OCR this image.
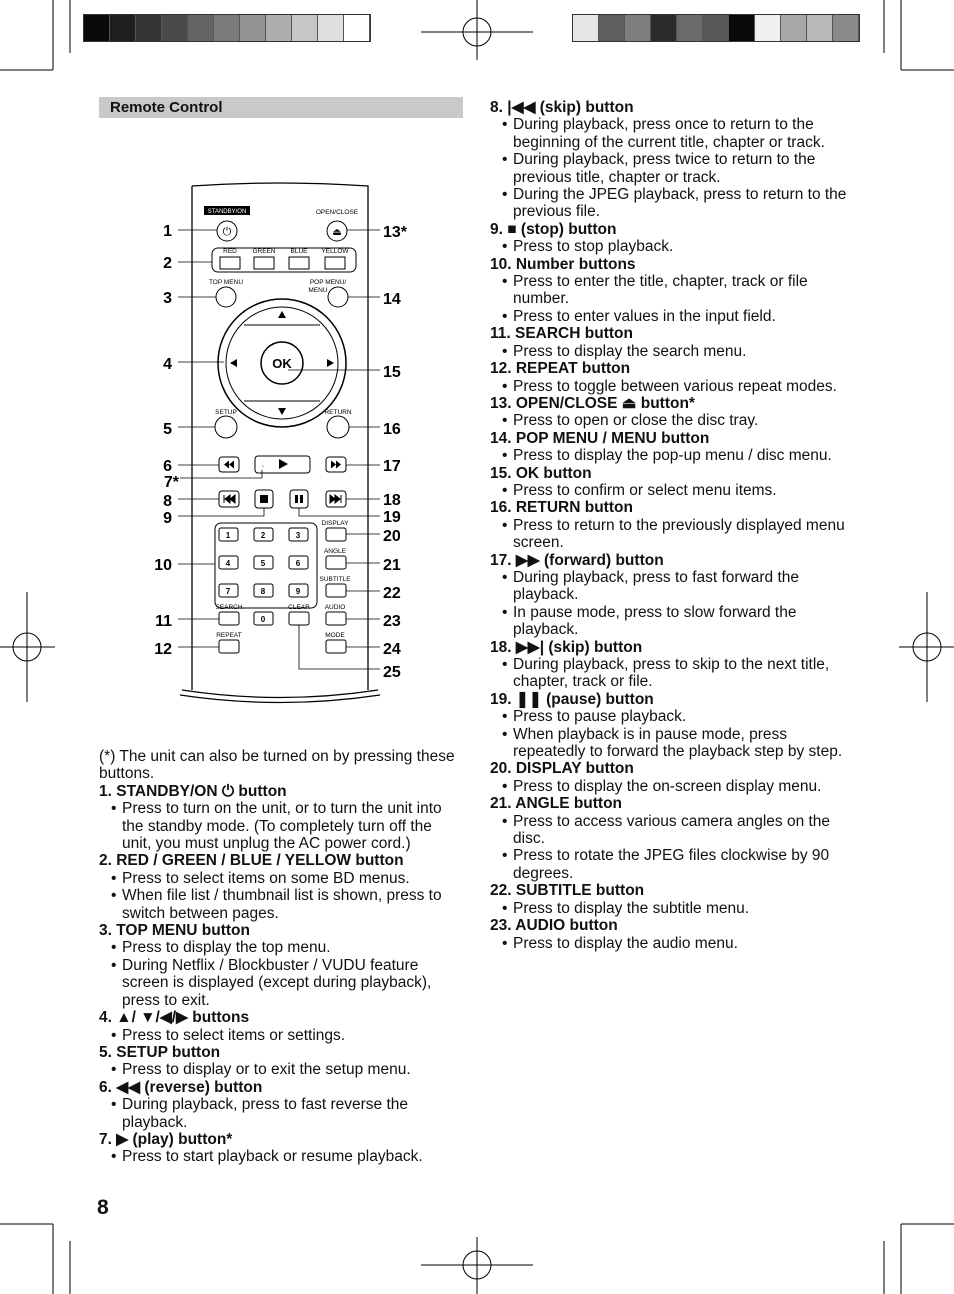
Remote Control
STANDBY/ON
⏻
OPEN/CLOSE
⏏
RED GREEN BLUE YELLOW
TOP MENU	POP MENU/
MENU
OK
SETUP	RETURN
◦
1	2	3
4	5	6
7	8	9
0
DISPLAY
ANGLE
SUBTITLE
SEARCH	CLEAR AUDIO
REPEAT	MODE
1
2
3
4
5
6
7*
8
9
10
11
12
13*
14
15
16
17
18
19
20
21
22
23
24
25

(*) The unit can also be turned on by pressing these buttons.

1. STANDBY/ON ⏻ button

• Press to turn on the unit, or to turn the unit into the standby mode. (To completely turn off the unit, you must unplug the AC power cord.)

2. RED / GREEN / BLUE / YELLOW button

• Press to select items on some BD menus.

• When file list / thumbnail list is shown, press to switch between pages.

3. TOP MENU button

• Press to display the top menu.

• During Netflix / Blockbuster / VUDU feature screen is displayed (except during playback), press to exit.

4. ▲/ ▼/◀/▶ buttons

• Press to select items or settings.

5. SETUP button

• Press to display or to exit the setup menu.

6. ◀◀ (reverse) button

• During playback, press to fast reverse the playback.

7. ▶ (play) button*

• Press to start playback or resume playback.

8. |◀◀ (skip) button

• During playback, press once to return to the beginning of the current title, chapter or track.

• During playback, press twice to return to the previous title, chapter or track.

• During the JPEG playback, press to return to the previous file.

9. ■ (stop) button

• Press to stop playback.

10. Number buttons

• Press to enter the title, chapter, track or file number.

• Press to enter values in the input field.

11. SEARCH button

• Press to display the search menu.

12. REPEAT button

• Press to toggle between various repeat modes.

13. OPEN/CLOSE ⏏ button*

• Press to open or close the disc tray.

14. POP MENU / MENU button

• Press to display the pop-up menu / disc menu.

15. OK button

• Press to confirm or select menu items.

16. RETURN button

• Press to return to the previously displayed menu screen.

17. ▶▶ (forward) button

• During playback, press to fast forward the playback.

• In pause mode, press to slow forward the playback.

18. ▶▶| (skip) button

• During playback, press to skip to the next title, chapter, track or file.

19. ❚❚ (pause) button

• Press to pause playback.

• When playback is in pause mode, press repeatedly to forward the playback step by step.

20. DISPLAY button

• Press to display the on-screen display menu.

21. ANGLE button

• Press to access various camera angles on the disc.

• Press to rotate the JPEG files clockwise by 90 degrees.

22. SUBTITLE button

• Press to display the subtitle menu.

23. AUDIO button

• Press to display the audio menu.

8
